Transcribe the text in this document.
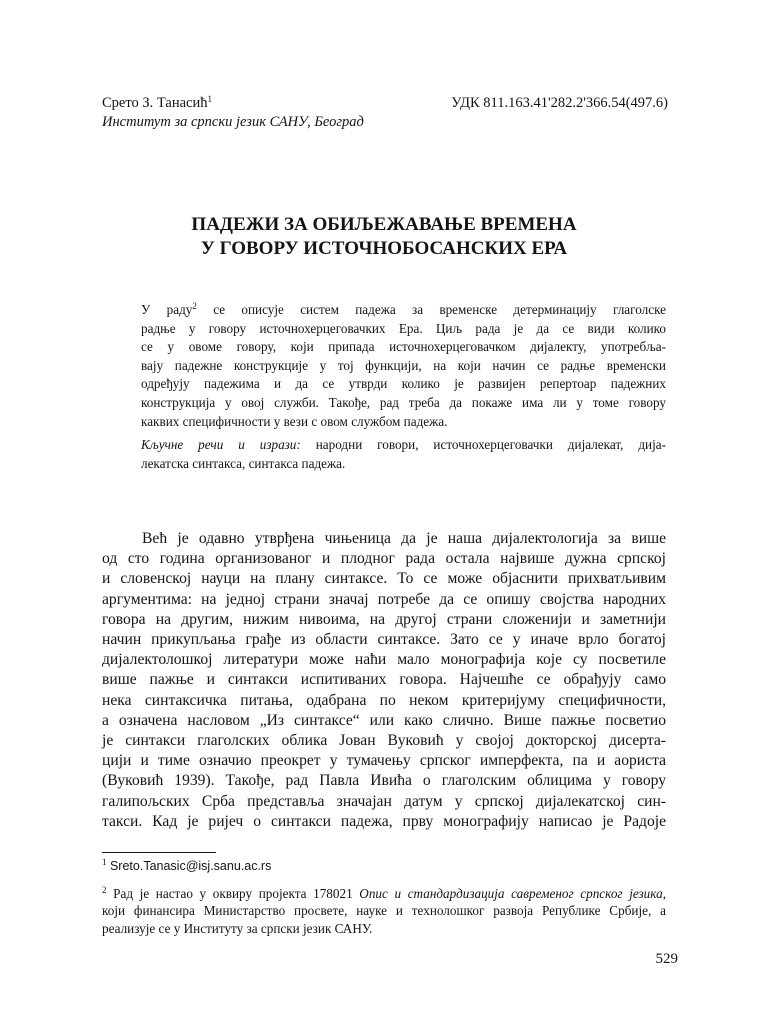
Срето З. Танасић$^1$
Институт за српски језик САНУ, Београд
УДК 811.163.41'282.2'366.54(497.6)
ПАДЕЖИ ЗА ОБИЉЕЖАВАЊЕ ВРЕМЕНА
У ГОВОРУ ИСТОЧНОБОСАНСКИХ ЕРА

У раду$^2$ се описује систем падежа за временске детерминацију глаголске
радње у говору источнохерцеговачких Ера. Циљ рада је да се види колико
се у овоме говору, који припада источнохерцеговачком дијалекту, употребља-
вају падежне конструкције у тој функцији, на који начин се радње временски
одређују падежима и да се утврди колико је развијен репертоар падежних
конструкција у овој служби. Такође, рад треба да покаже има ли у томе говору
каквих специфичности у вези с овом службом падежа.

Кључне речи и изрази: народни говори, источнохерцеговачки дијалекат, дија-
лекатска синтакса, синтакса падежа.

Већ је одавно утврђена чињеница да је наша дијалектологија за више
од сто година организованог и плодног рада остала највише дужна српској
и словенској науци на плану синтаксе. То се може објаснити прихватљивим
аргументима: на једној страни значај потребе да се опишу својства народних
говора на другим, нижим нивоима, на другој страни сложенији и заметнији
начин прикупљања грађе из области синтаксе. Зато се у иначе врло богатој
дијалектолошкој литератури може наћи мало монографија које су посветиле
више пажње и синтакси испитиваних говора. Најчешће се обрађују само
нека синтаксичка питања, одабрана по неком критеријуму специфичности,
а означена насловом „Из синтаксе“ или како слично. Више пажње посветио
је синтакси глаголских облика Јован Вуковић у својој докторској дисерта-
цији и тиме означио преокрет у тумачењу српског имперфекта, па и аориста
(Вуковић 1939). Такође, рад Павла Ивића о глаголским облицима у говору
галипољских Срба представља значајан датум у српској дијалекатској син-
такси. Кад је ријеч о синтакси падежа, прву монографију написао је Радоје

$^1$ Sreto.Tanasic@isj.sanu.ac.rs

$^2$ Рад је настао у оквиру пројекта 178021 Опис и стандардизација савременог српског језика,
који финансира Министарство просвете, науке и технолошког развоја Републике Србије, а
реализује се у Институту за српски језик САНУ.

529
